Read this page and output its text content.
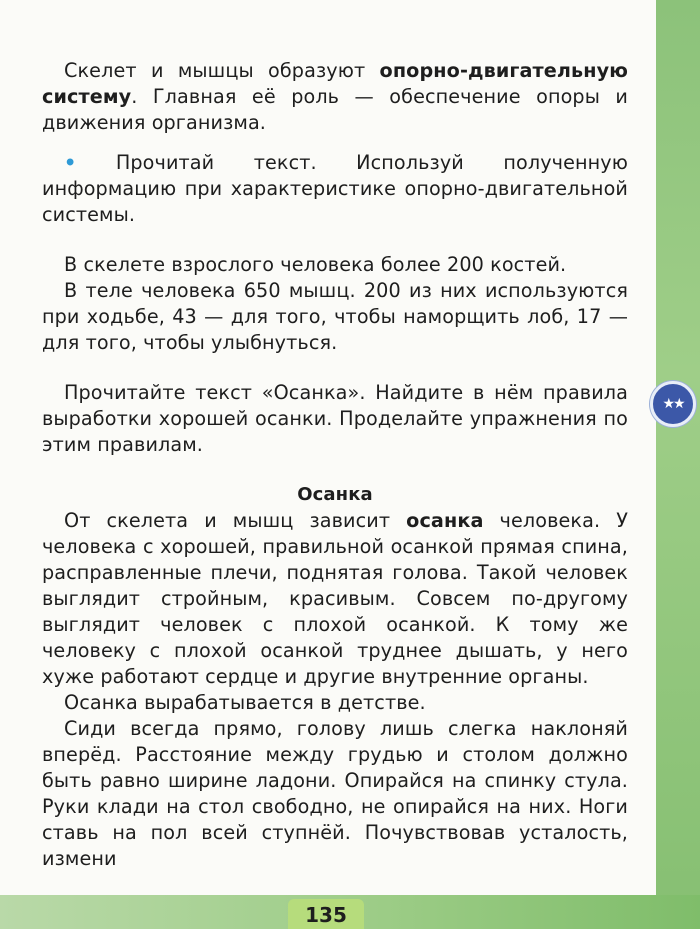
Скелет и мышцы образуют опорно-двигательную систему. Главная её роль — обеспечение опоры и движения организма.

• Прочитай текст. Используй полученную информацию при характеристике опорно-двигательной системы.

В скелете взрослого человека более 200 костей.

В теле человека 650 мышц. 200 из них используются при ходьбе, 43 — для того, чтобы наморщить лоб, 17 — для того, чтобы улыбнуться.

Прочитайте текст «Осанка». Найдите в нём правила выработки хорошей осанки. Проделайте упражнения по этим правилам.

Осанка

От скелета и мышц зависит осанка человека. У человека с хорошей, правильной осанкой прямая спина, расправленные плечи, поднятая голова. Такой человек выглядит стройным, красивым. Совсем по-другому выглядит человек с плохой осанкой. К тому же человеку с плохой осанкой труднее дышать, у него хуже работают сердце и другие внутренние органы.

Осанка вырабатывается в детстве.

Сиди всегда прямо, голову лишь слегка наклоняй вперёд. Расстояние между грудью и столом должно быть равно ширине ладони. Опирайся на спинку стула. Руки клади на стол свободно, не опирайся на них. Ноги ставь на пол всей ступнёй. Почувствовав усталость, измени

★★
135
